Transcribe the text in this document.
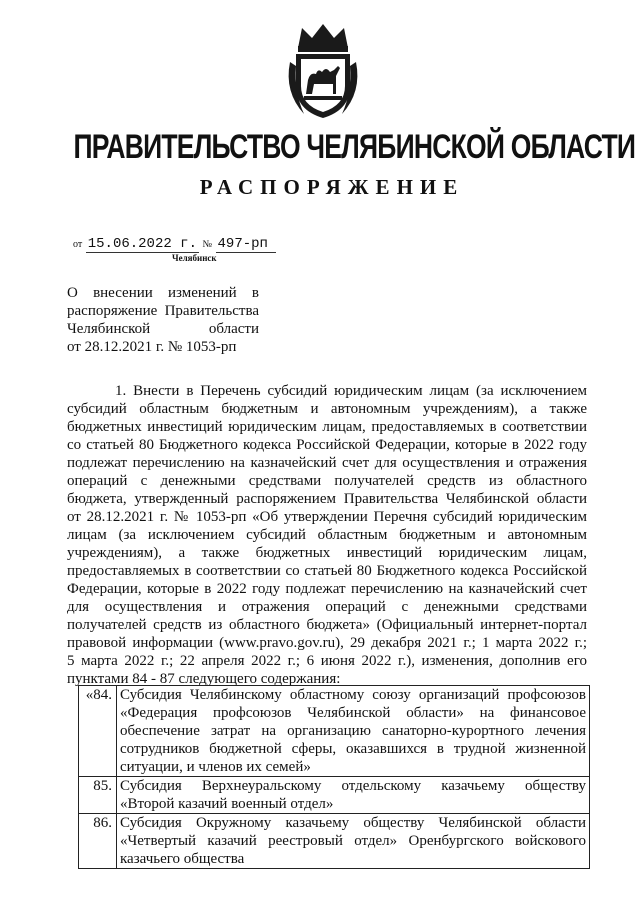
ПРАВИТЕЛЬСТВО ЧЕЛЯБИНСКОЙ ОБЛАСТИ
РАСПОРЯЖЕНИЕ
от 15.06.2022 г. № 497-рп
Челябинск
О внесении изменений в
распоряжение Правительства
Челябинской области
от 28.12.2021 г. № 1053-рп
1. Внести в Перечень субсидий юридическим лицам (за исключением
субсидий областным бюджетным и автономным учреждениям), а также
бюджетных инвестиций юридическим лицам, предоставляемых в соответствии
со статьей 80 Бюджетного кодекса Российской Федерации, которые в 2022 году
подлежат перечислению на казначейский счет для осуществления и отражения
операций с денежными средствами получателей средств из областного
бюджета, утвержденный распоряжением Правительства Челябинской области
от 28.12.2021 г. № 1053-рп «Об утверждении Перечня субсидий юридическим
лицам (за исключением субсидий областным бюджетным и автономным
учреждениям), а также бюджетных инвестиций юридическим лицам,
предоставляемых в соответствии со статьей 80 Бюджетного кодекса Российской
Федерации, которые в 2022 году подлежат перечислению на казначейский счет
для осуществления и отражения операций с денежными средствами
получателей средств из областного бюджета» (Официальный интернет-портал
правовой информации (www.pravo.gov.ru), 29 декабря 2021 г.; 1 марта 2022 г.;
5 марта 2022 г.; 22 апреля 2022 г.; 6 июня 2022 г.), изменения, дополнив его
пунктами 84 - 87 следующего содержания:
«84.	Субсидия Челябинскому областному союзу организаций профсоюзов
«Федерация профсоюзов Челябинской области» на финансовое
обеспечение затрат на организацию санаторно-курортного лечения
сотрудников бюджетной сферы, оказавшихся в трудной жизненной
ситуации, и членов их семей»

85.	Субсидия Верхнеуральскому отдельскому казачьему обществу
«Второй казачий военный отдел»

86.	Субсидия Окружному казачьему обществу Челябинской области
«Четвертый казачий реестровый отдел» Оренбургского войскового
казачьего общества
